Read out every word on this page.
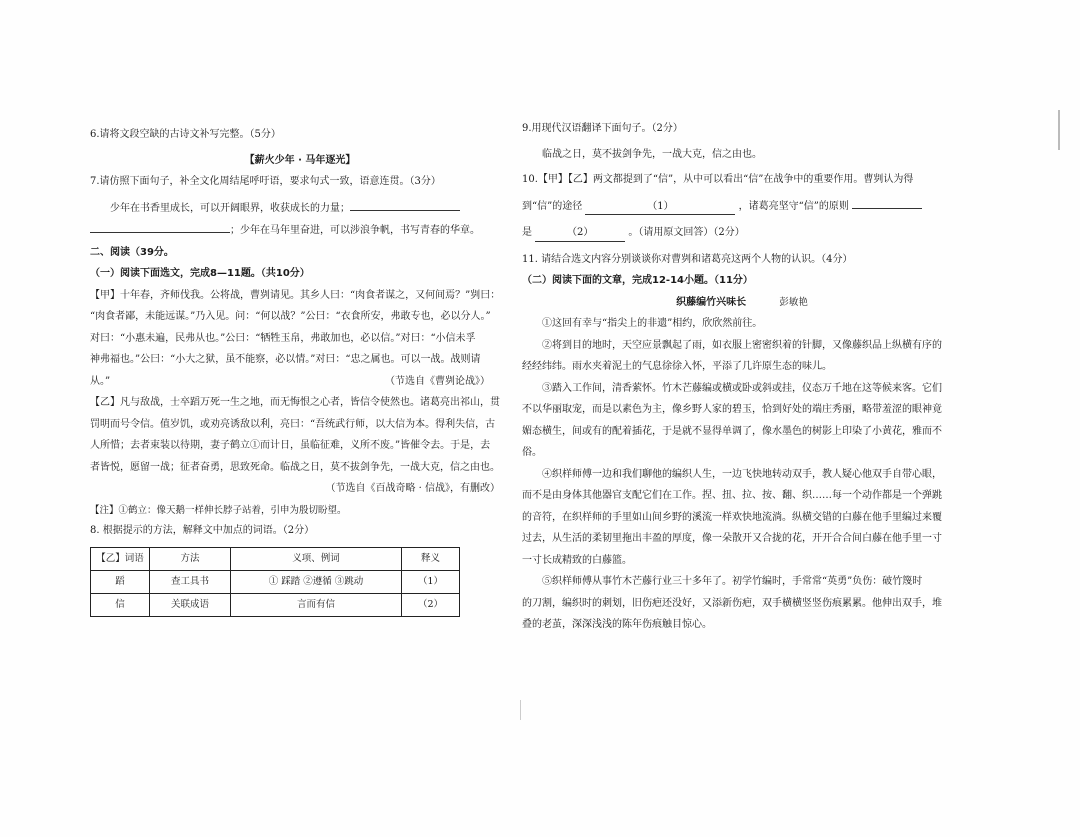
6.请将文段空缺的古诗文补写完整。（5分）

【薪火少年 · 马年逐光】

7.请仿照下面句子，补全文化周结尾呼吁语，要求句式一致，语意连贯。（3分）

少年在书香里成长，可以开阔眼界，收获成长的力量；

；少年在马年里奋进，可以涉浪争帆，书写青春的华章。

二、阅读（39分。

（一）阅读下面选文，完成8—11题。（共10分）

【甲】十年春，齐师伐我。公将战，曹刿请见。其乡人曰：“肉食者谋之，又何间焉？”刿曰：

“肉食者鄙，未能远谋。”乃入见。问：“何以战？”公曰：“衣食所安，弗敢专也，必以分人。”

对曰：“小惠未遍，民弗从也。”公曰：“牺牲玉帛，弗敢加也，必以信。”对曰：“小信未孚

神弗福也。”公曰：“小大之狱，虽不能察，必以情。”对曰：“忠之属也。可以一战。战则请

从。”	（节选自《曹刿论战》）

【乙】凡与敌战，士卒蹈万死一生之地，而无悔恨之心者，皆信令使然也。诸葛亮出祁山，贯

罚明而号令信。值岁饥，或劝亮诱敌以利，亮曰：“吾统武行师，以大信为本。得利失信，古

人所惜；去者束装以待期，妻子鹤立①而计日，虽临征难，义所不废。”皆催令去。于是，去

者皆悦，愿留一战；征者奋勇，思致死命。临战之日，莫不拔剑争先，一战大克，信之由也。

（节选自《百战奇略 · 信战》，有删改）

【注】①鹤立：像天鹅一样伸长脖子站着，引申为殷切盼望。

8. 根据提示的方法，解释文中加点的词语。（2分）

【乙】词语	方法	义项、例词	释义
蹈	查工具书	① 踩踏 ②遵循 ③跳动	（1）
信	关联成语	言而有信	（2）

9.用现代汉语翻译下面句子。（2分）

临战之日，莫不拔剑争先，一战大克，信之由也。

10.【甲】【乙】两文都提到了“信”，从中可以看出“信”在战争中的重要作用。曹刿认为得

到“信”的途径	（1）	，诸葛亮坚守“信”的原则

是	（2）	。（请用原文回答）（2分）

11. 请结合选文内容分别谈谈你对曹刿和诸葛亮这两个人物的认识。（4分）

（二）阅读下面的文章，完成12-14小题。（11分）

织藤编竹兴味长	彭敏艳

①这回有幸与“指尖上的非遗”相约，欣欣然前往。

②将到目的地时，天空应景飘起了雨，如衣服上密密织着的针脚，又像藤织品上纵横有序的

经经纬纬。雨水夹着泥土的气息徐徐入怀，平添了几许原生态的味儿。

③踏入工作间，清香萦怀。竹木芒藤编或横或卧或斜或挂，仪态万千地在这等候来客。它们

不以华丽取宠，而是以素色为主，像乡野人家的碧玉，恰到好处的端庄秀丽，略带羞涩的眼神竟

媚态横生，间或有的配着插花，于是就不显得单调了，像水墨色的树影上印染了小黄花，雅而不

俗。

④织样师傅一边和我们聊他的编织人生，一边飞快地转动双手，教人疑心他双手自带心眼，

而不是由身体其他器官支配它们在工作。捏、扭、拉、按、翻、织……每一个动作都是一个弹跳

的音符，在织样师的手里如山间乡野的溪流一样欢快地流淌。纵横交错的白藤在他手里编过来覆

过去，从生活的柔韧里拖出丰盈的厚度，像一朵散开又合拢的花，开开合合间白藤在他手里一寸

一寸长成精致的白藤篮。

⑤织样师傅从事竹木芒藤行业三十多年了。初学竹编时，手常常“英勇”负伤：破竹篾时

的刀割，编织时的刺划，旧伤疤还没好，又添新伤疤，双手横横竖竖伤痕累累。他伸出双手，堆

叠的老茧，深深浅浅的陈年伤痕触目惊心。
